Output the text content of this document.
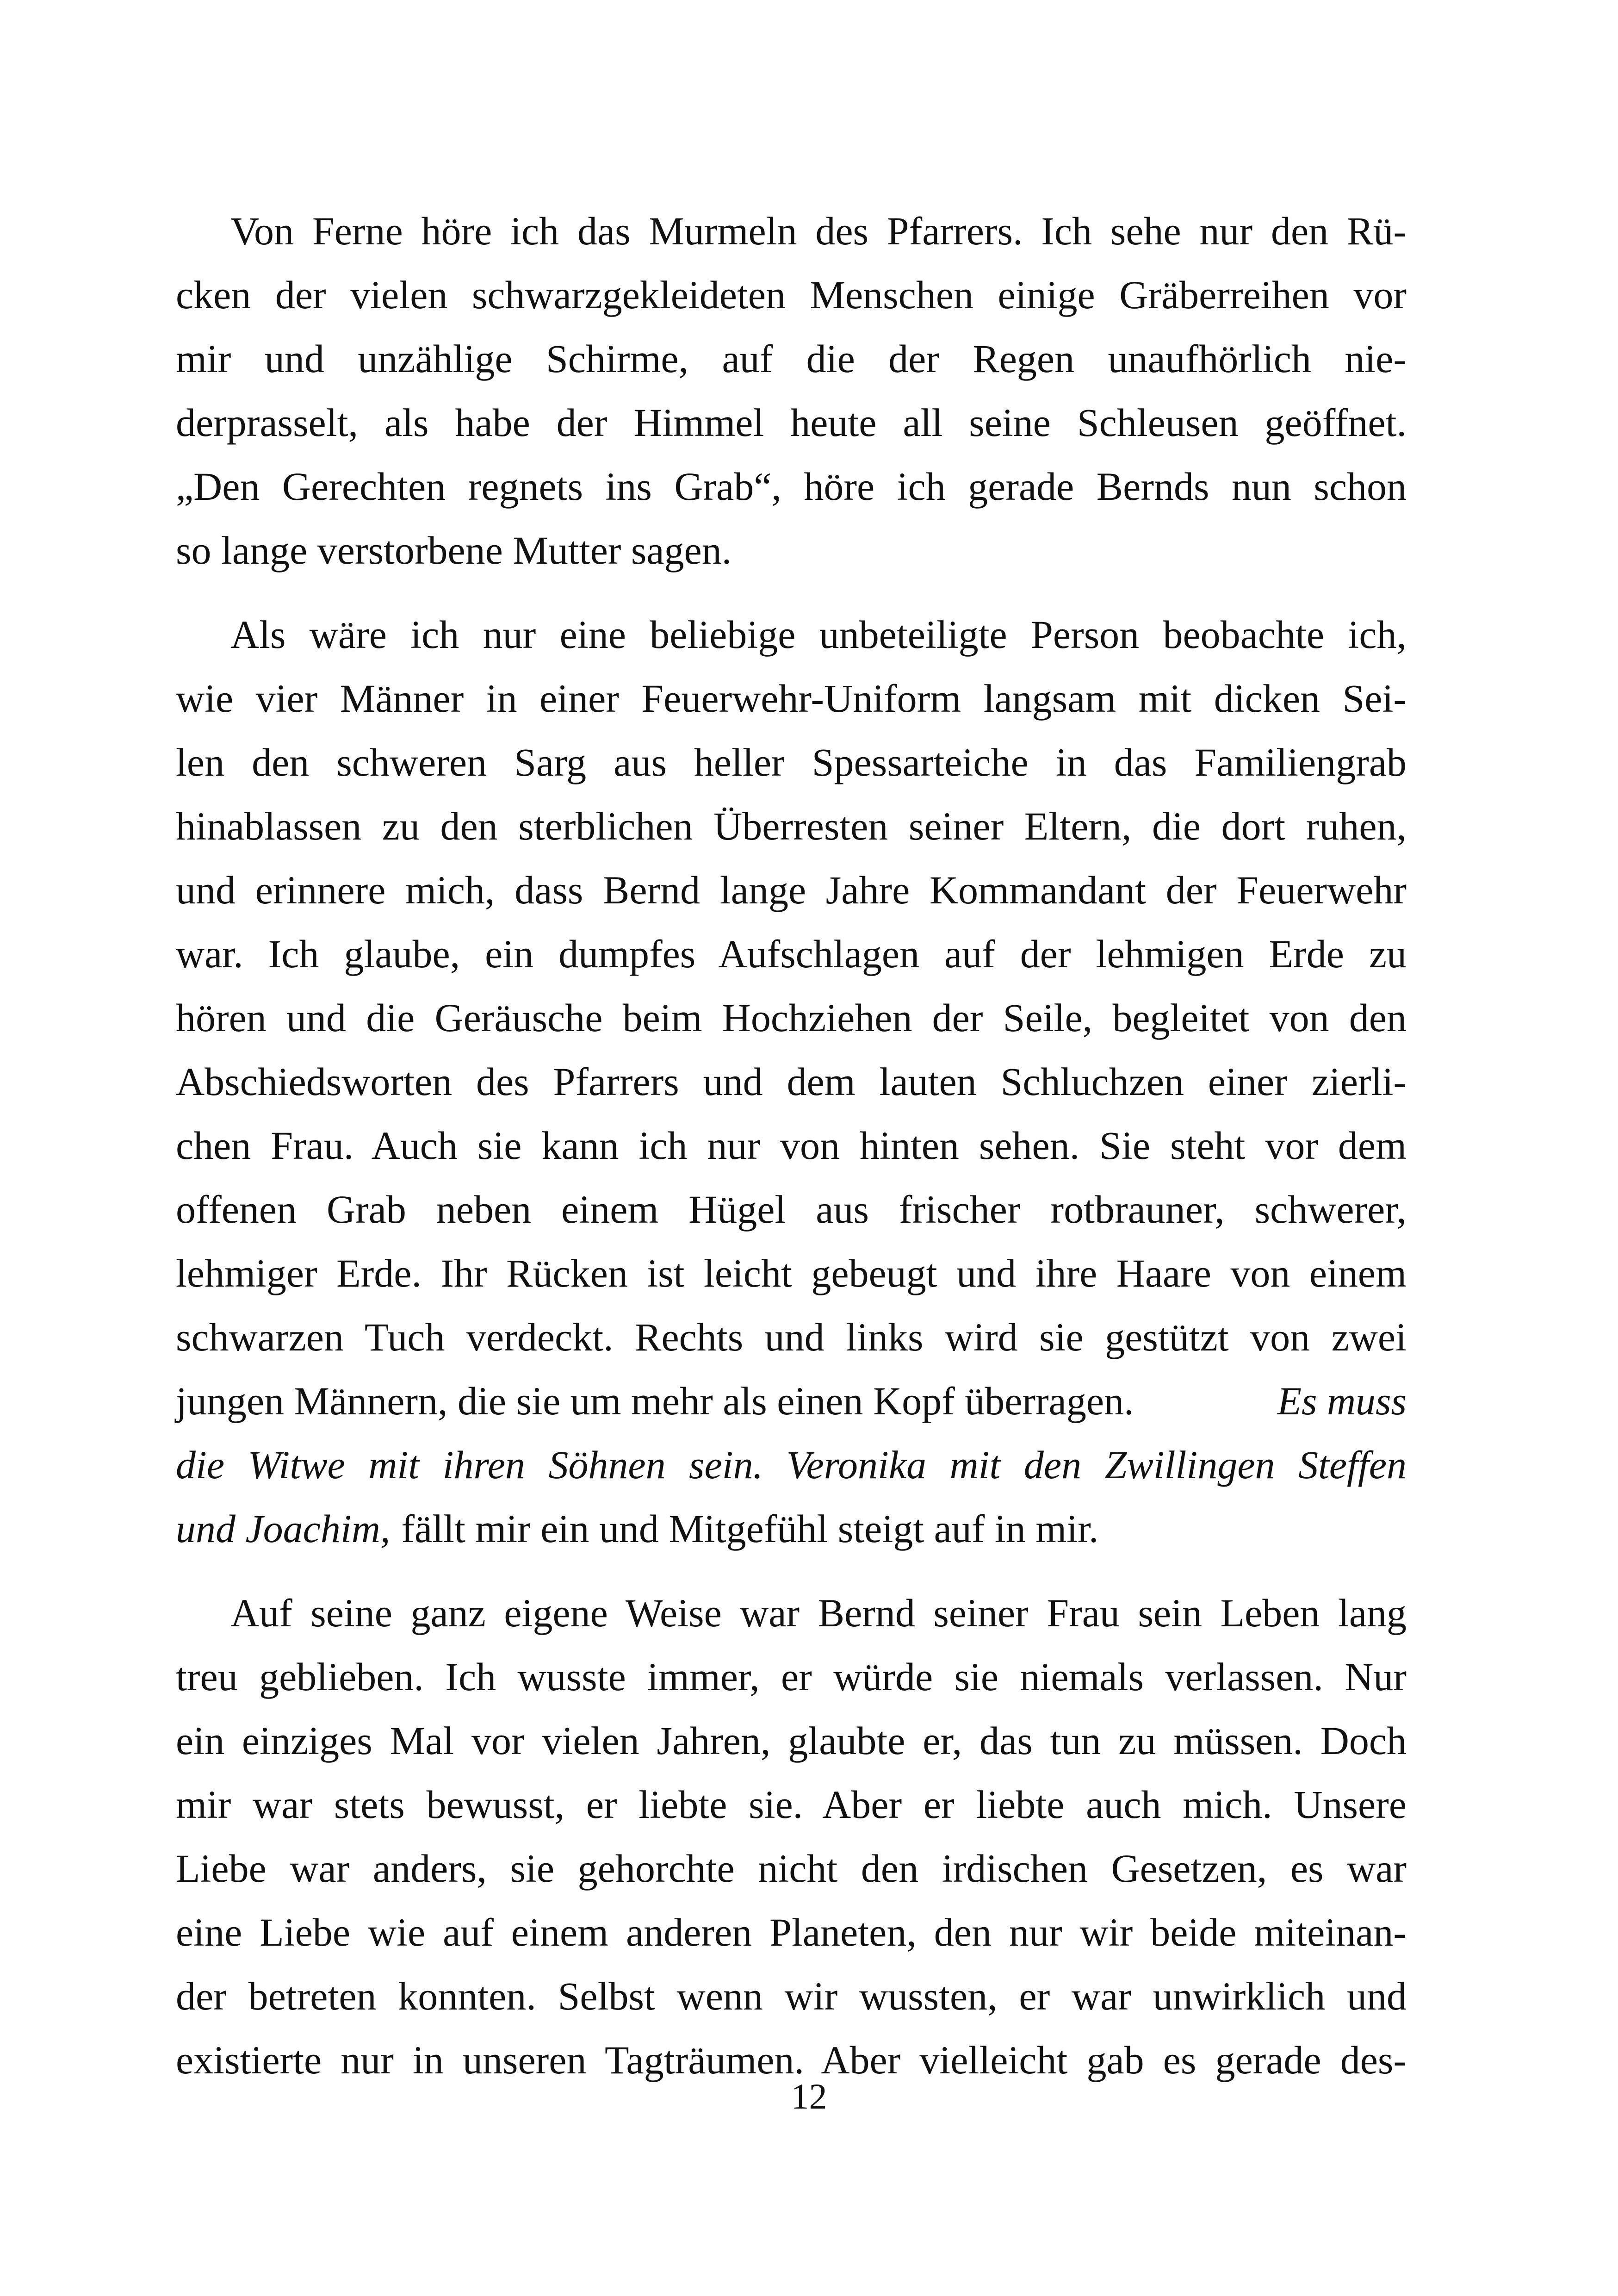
Von Ferne höre ich das Murmeln des Pfarrers. Ich sehe nur den Rü-
cken der vielen schwarzgekleideten Menschen einige Gräberreihen vor
mir und unzählige Schirme, auf die der Regen unaufhörlich nie-
derprasselt, als habe der Himmel heute all seine Schleusen geöffnet.
„Den Gerechten regnets ins Grab“, höre ich gerade Bernds nun schon
so lange verstorbene Mutter sagen.
Als wäre ich nur eine beliebige unbeteiligte Person beobachte ich,
wie vier Männer in einer Feuerwehr-Uniform langsam mit dicken Sei-
len den schweren Sarg aus heller Spessarteiche in das Familiengrab
hinablassen zu den sterblichen Überresten seiner Eltern, die dort ruhen,
und erinnere mich, dass Bernd lange Jahre Kommandant der Feuerwehr
war. Ich glaube, ein dumpfes Aufschlagen auf der lehmigen Erde zu
hören und die Geräusche beim Hochziehen der Seile, begleitet von den
Abschiedsworten des Pfarrers und dem lauten Schluchzen einer zierli-
chen Frau. Auch sie kann ich nur von hinten sehen. Sie steht vor dem
offenen Grab neben einem Hügel aus frischer rotbrauner, schwerer,
lehmiger Erde. Ihr Rücken ist leicht gebeugt und ihre Haare von einem
schwarzen Tuch verdeckt. Rechts und links wird sie gestützt von zwei
jungen Männern, die sie um mehr als einen Kopf überragen.	Es muss
die Witwe mit ihren Söhnen sein. Veronika mit den Zwillingen Steffen
und Joachim, fällt mir ein und Mitgefühl steigt auf in mir.
Auf seine ganz eigene Weise war Bernd seiner Frau sein Leben lang
treu geblieben. Ich wusste immer, er würde sie niemals verlassen. Nur
ein einziges Mal vor vielen Jahren, glaubte er, das tun zu müssen. Doch
mir war stets bewusst, er liebte sie. Aber er liebte auch mich. Unsere
Liebe war anders, sie gehorchte nicht den irdischen Gesetzen, es war
eine Liebe wie auf einem anderen Planeten, den nur wir beide miteinan-
der betreten konnten. Selbst wenn wir wussten, er war unwirklich und
existierte nur in unseren Tagträumen. Aber vielleicht gab es gerade des-
12
